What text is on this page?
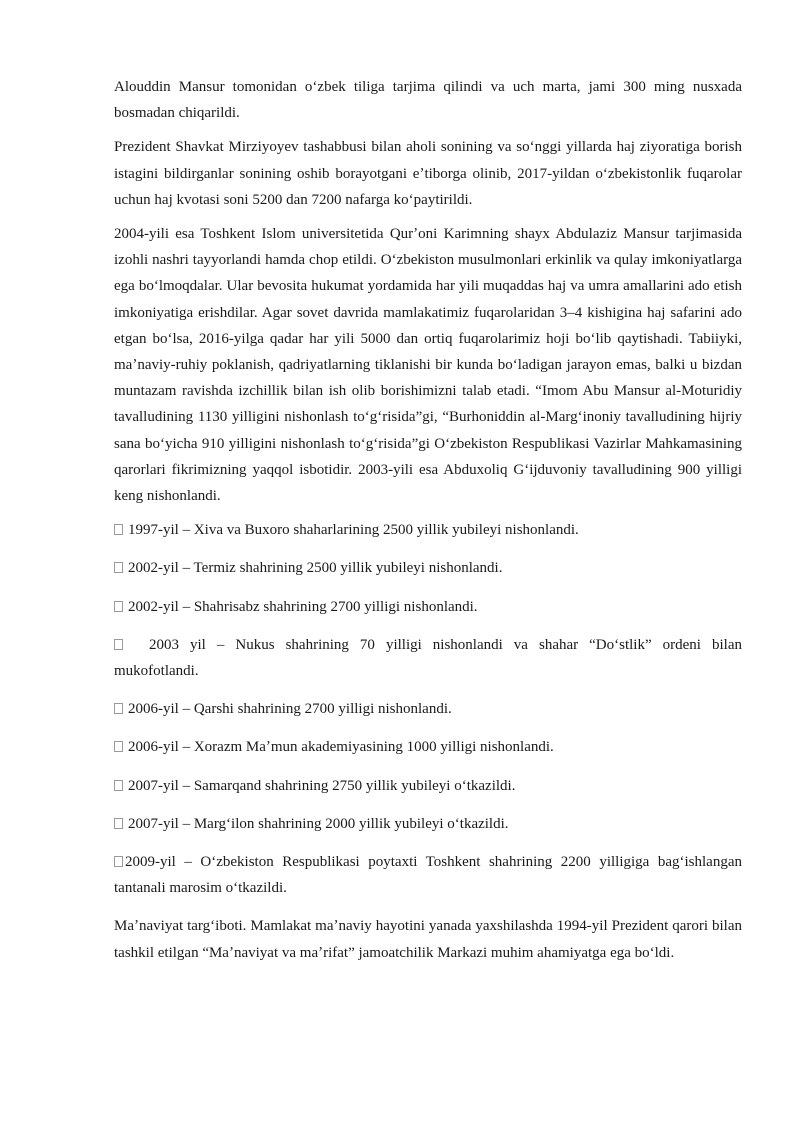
Alouddin Mansur tomonidan oʻzbek tiliga tarjima qilindi va uch marta, jami 300 ming nusxada bosmadan chiqarildi.

Prezident Shavkat Mirziyoyev tashabbusi bilan aholi sonining va soʻnggi yillarda haj ziyoratiga borish istagini bildirganlar sonining oshib borayotgani eʼtiborga olinib, 2017-yildan oʻzbekistonlik fuqarolar uchun haj kvotasi soni 5200 dan 7200 nafarga koʻpaytirildi.

2004-yili esa Toshkent Islom universitetida Qurʼoni Karimning shayx Abdulaziz Mansur tarjimasida izohli nashri tayyorlandi hamda chop etildi. Oʻzbekiston musulmonlari erkinlik va qulay imkoniyatlarga ega boʻlmoqdalar. Ular bevosita hukumat yordamida har yili muqaddas haj va umra amallarini ado etish imkoniyatiga erishdilar. Agar sovet davrida mamlakatimiz fuqarolaridan 3–4 kishigina haj safarini ado etgan boʻlsa, 2016-yilga qadar har yili 5000 dan ortiq fuqarolarimiz hoji boʻlib qaytishadi. Tabiiyki, maʼnaviy-ruhiy poklanish, qadriyatlarning tiklanishi bir kunda boʻladigan jarayon emas, balki u bizdan muntazam ravishda izchillik bilan ish olib borishimizni talab etadi. “Imom Abu Mansur al-Moturidiy tavalludining 1130 yilligini nishonlash toʻgʻrisida”gi, “Burhoniddin al-Margʻinoniy tavalludining hijriy sana boʻyicha 910 yilligini nishonlash toʻgʻrisida”gi Oʻzbekiston Respublikasi Vazirlar Mahkamasining qarorlari fikrimizning yaqqol isbotidir. 2003-yili esa Abduxoliq Gʻijduvoniy tavalludining 900 yilligi keng nishonlandi.

1997-yil – Xiva va Buxoro shaharlarining 2500 yillik yubileyi nishonlandi.

2002-yil – Termiz shahrining 2500 yillik yubileyi nishonlandi.

2002-yil – Shahrisabz shahrining 2700 yilligi nishonlandi.

2003 yil – Nukus shahrining 70 yilligi nishonlandi va shahar “Doʻstlik” ordeni bilan mukofotlandi.

2006-yil – Qarshi shahrining 2700 yilligi nishonlandi.

2006-yil – Xorazm Maʼmun akademiyasining 1000 yilligi nishonlandi.

2007-yil – Samarqand shahrining 2750 yillik yubileyi oʻtkazildi.

2007-yil – Margʻilon shahrining 2000 yillik yubileyi oʻtkazildi.

2009-yil – Oʻzbekiston Respublikasi poytaxti Toshkent shahrining 2200 yilligiga bagʻishlangan tantanali marosim oʻtkazildi.

Maʼnaviyat targʻiboti. Mamlakat maʼnaviy hayotini yanada yaxshilashda 1994-yil Prezident qarori bilan tashkil etilgan “Maʼnaviyat va maʼrifat” jamoatchilik Markazi muhim ahamiyatga ega boʻldi.
